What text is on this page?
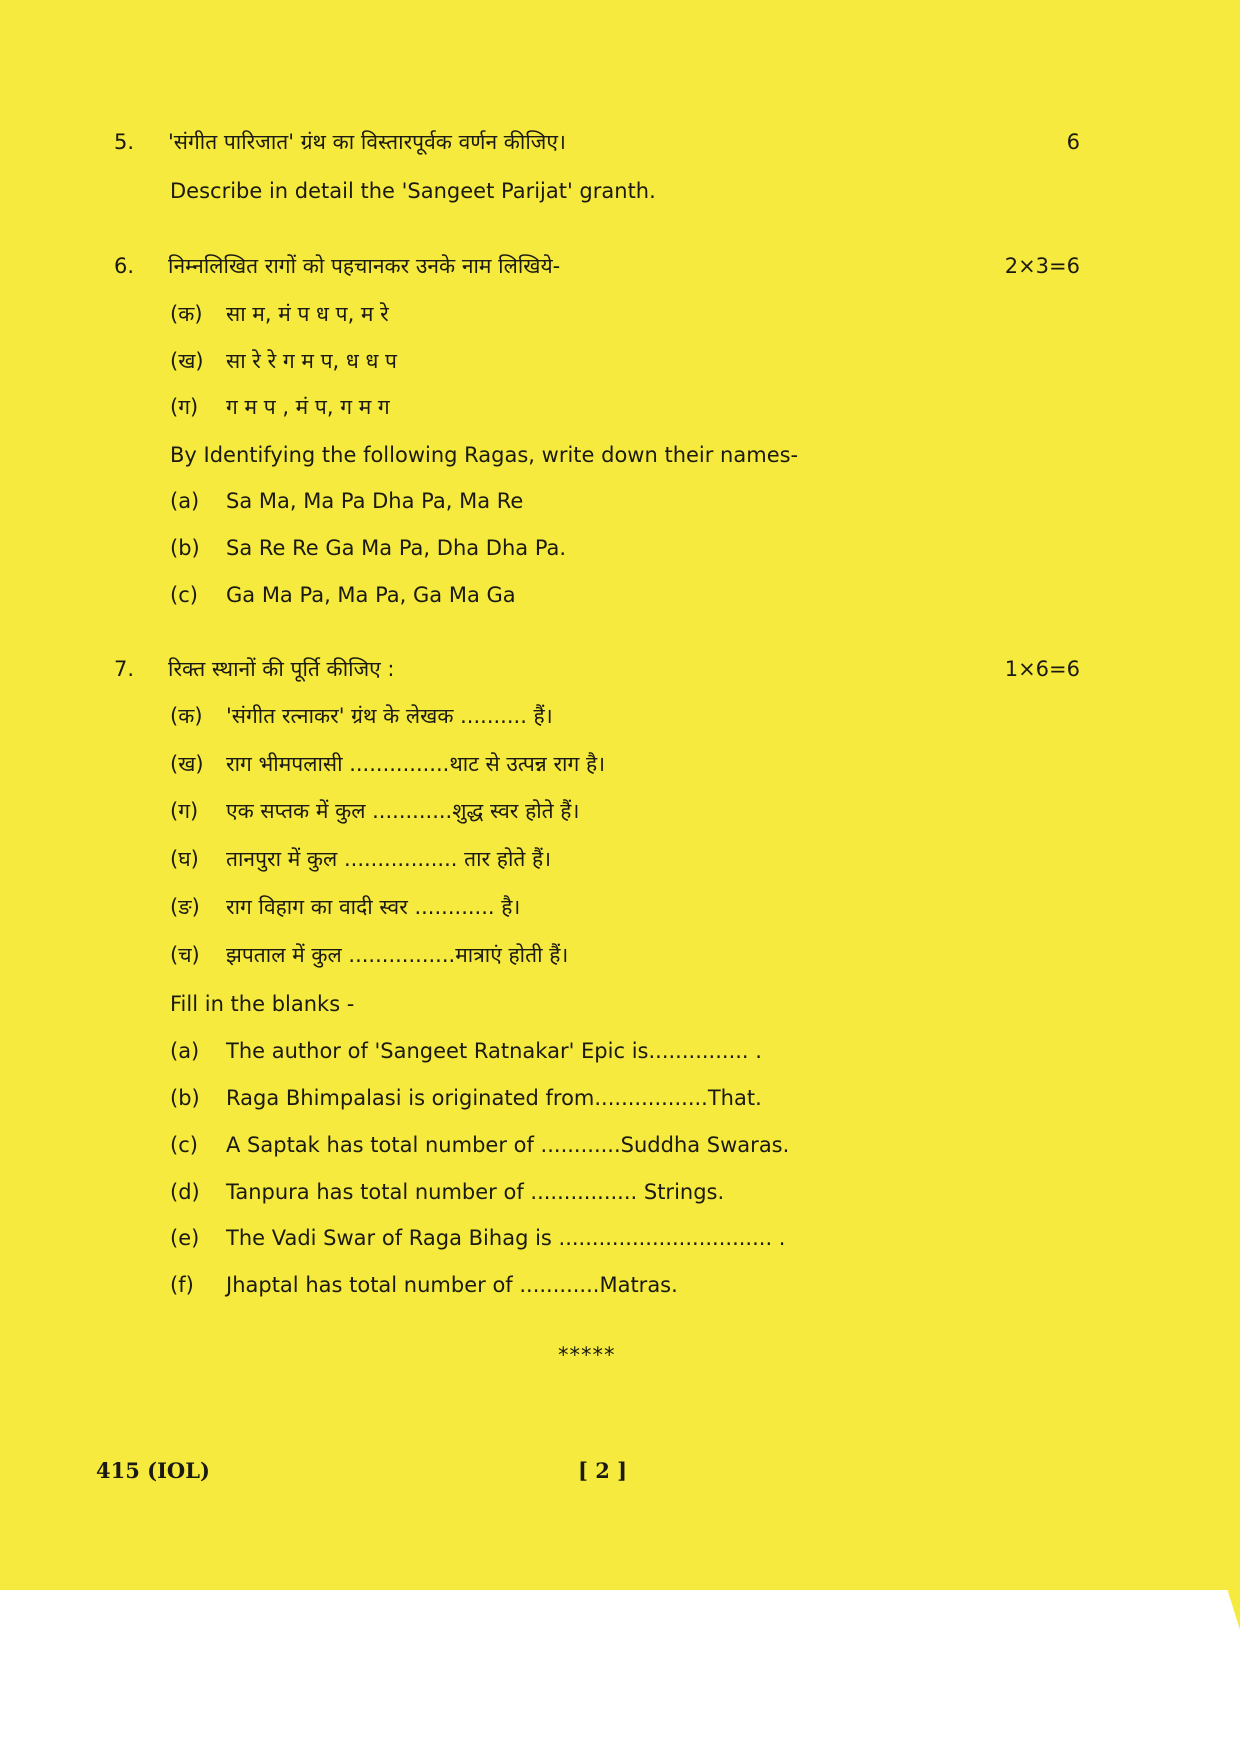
5. 'संगीत पारिजात' ग्रंथ का विस्तारपूर्वक वर्णन कीजिए।	6
Describe in detail the 'Sangeet Parijat' granth.
6. निम्नलिखित रागों को पहचानकर उनके नाम लिखिये-	2×3=6
(क) सा म, मं प ध प, म रे
(ख) सा रे रे ग म प, ध ध प
(ग) ग म प , मं प, ग म ग
By Identifying the following Ragas, write down their names-
(a) Sa Ma, Ma Pa Dha Pa, Ma Re
(b) Sa Re Re Ga Ma Pa, Dha Dha Pa.
(c) Ga Ma Pa, Ma Pa, Ga Ma Ga
7. रिक्त स्थानों की पूर्ति कीजिए :	1×6=6
(क) 'संगीत रत्नाकर' ग्रंथ के लेखक .......... हैं।
(ख) राग भीमपलासी ...............थाट से उत्पन्न राग है।
(ग) एक सप्तक में कुल ............शुद्ध स्वर होते हैं।
(घ) तानपुरा में कुल ................. तार होते हैं।
(ङ) राग विहाग का वादी स्वर ............ है।
(च) झपताल में कुल ................मात्राएं होती हैं।
Fill in the blanks -
(a) The author of 'Sangeet Ratnakar' Epic is............... .
(b) Raga Bhimpalasi is originated from.................That.
(c) A Saptak has total number of ............Suddha Swaras.
(d) Tanpura has total number of ................ Strings.
(e) The Vadi Swar of Raga Bihag is ................................ .
(f) Jhaptal has total number of ............Matras.
*****
415 (IOL)	[ 2 ]
